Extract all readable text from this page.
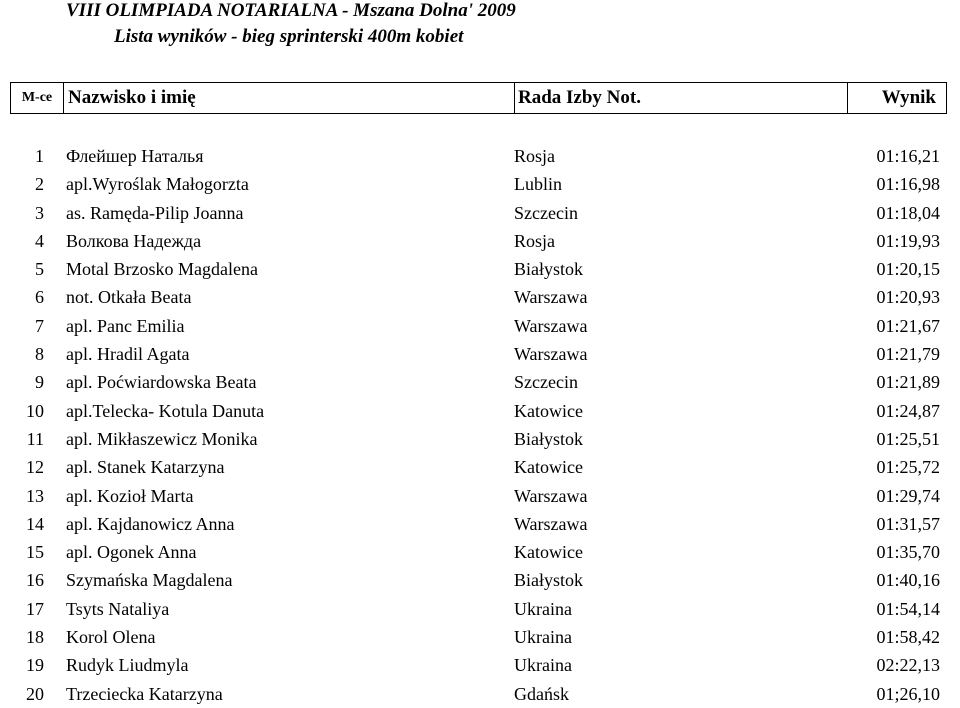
VIII OLIMPIADA NOTARIALNA - Mszana Dolna' 2009
Lista wyników - bieg sprinterski 400m kobiet
M-ce Nazwisko i imię	Rada Izby Not.	Wynik
1 Флейшер Наталья	Rosja	01:16,21
2 apl.Wyroślak Małogorzta	Lublin	01:16,98
3 as. Ramęda-Pilip Joanna	Szczecin	01:18,04
4 Волкова Надежда	Rosja	01:19,93
5 Motal Brzosko Magdalena	Białystok	01:20,15
6 not. Otkała Beata	Warszawa	01:20,93
7 apl. Panc Emilia	Warszawa	01:21,67
8 apl. Hradil Agata	Warszawa	01:21,79
9 apl. Poćwiardowska Beata	Szczecin	01:21,89
10 apl.Telecka- Kotula Danuta	Katowice	01:24,87
11 apl. Mikłaszewicz Monika	Białystok	01:25,51
12 apl. Stanek Katarzyna	Katowice	01:25,72
13 apl. Kozioł Marta	Warszawa	01:29,74
14 apl. Kajdanowicz Anna	Warszawa	01:31,57
15 apl. Ogonek Anna	Katowice	01:35,70
16 Szymańska Magdalena	Białystok	01:40,16
17 Tsyts Nataliya	Ukraina	01:54,14
18 Korol Olena	Ukraina	01:58,42
19 Rudyk Liudmyla	Ukraina	02:22,13
20 Trzeciecka Katarzyna	Gdańsk	01;26,10
